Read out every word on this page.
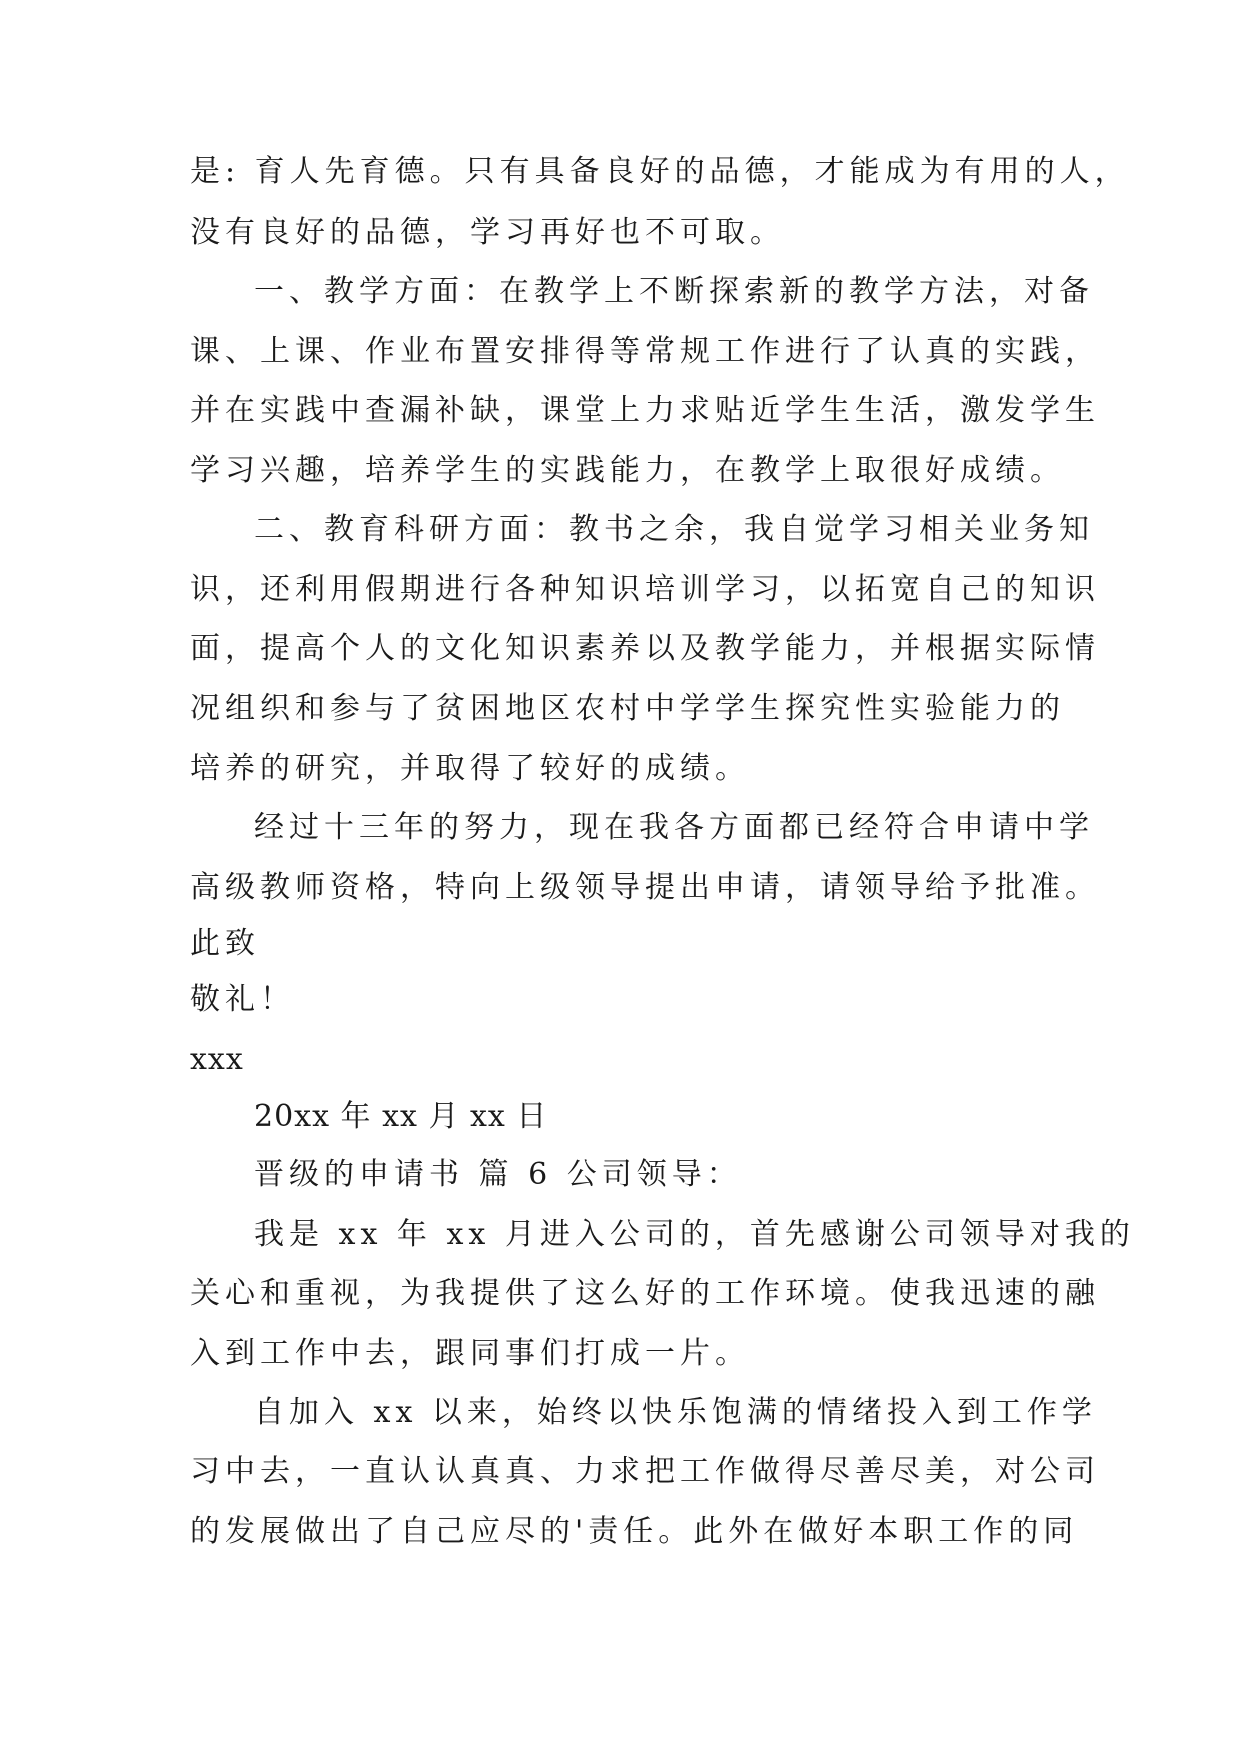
是: 育人先育德。只有具备良好的品德，才能成为有用的人，
没有良好的品德，学习再好也不可取。
一、教学方面：在教学上不断探索新的教学方法，对备
课、上课、作业布置安排得等常规工作进行了认真的实践，
并在实践中查漏补缺，课堂上力求贴近学生生活，激发学生
学习兴趣，培养学生的实践能力，在教学上取很好成绩。
二、教育科研方面：教书之余，我自觉学习相关业务知
识，还利用假期进行各种知识培训学习，以拓宽自己的知识
面，提高个人的文化知识素养以及教学能力，并根据实际情
况组织和参与了贫困地区农村中学学生探究性实验能力的
培养的研究，并取得了较好的成绩。
经过十三年的努力，现在我各方面都已经符合申请中学
高级教师资格，特向上级领导提出申请，请领导给予批准。
此致
敬礼！
xxx
20xx 年 xx 月 xx 日
晋级的申请书 篇 6 公司领导：
我是 xx 年 xx 月进入公司的，首先感谢公司领导对我的
关心和重视，为我提供了这么好的工作环境。使我迅速的融
入到工作中去，跟同事们打成一片。
自加入 xx 以来，始终以快乐饱满的情绪投入到工作学
习中去，一直认认真真、力求把工作做得尽善尽美，对公司
的发展做出了自己应尽的'责任。此外在做好本职工作的同
